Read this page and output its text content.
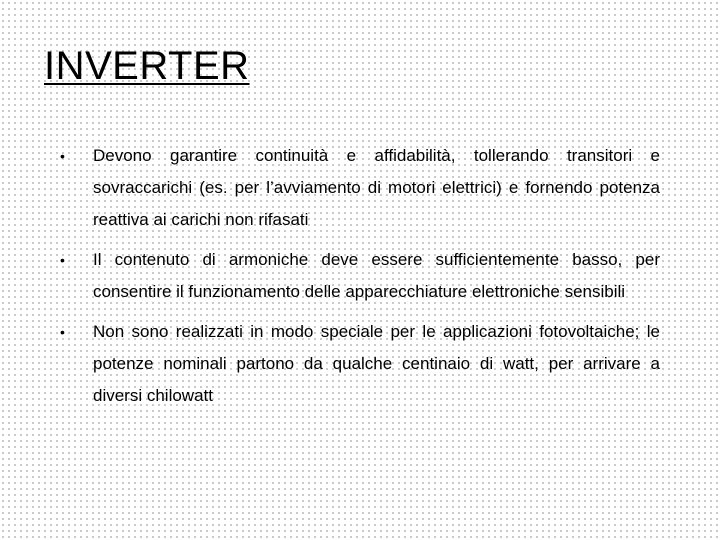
INVERTER
• Devono garantire continuità e affidabilità, tollerando transitori e sovraccarichi (es. per l’avviamento di motori elettrici) e fornendo potenza reattiva ai carichi non rifasati
• Il contenuto di armoniche deve essere sufficientemente basso, per consentire il funzionamento delle apparecchiature elettroniche sensibili
• Non sono realizzati in modo speciale per le applicazioni fotovoltaiche; le potenze nominali partono da qualche centinaio di watt, per arrivare a diversi chilowatt
